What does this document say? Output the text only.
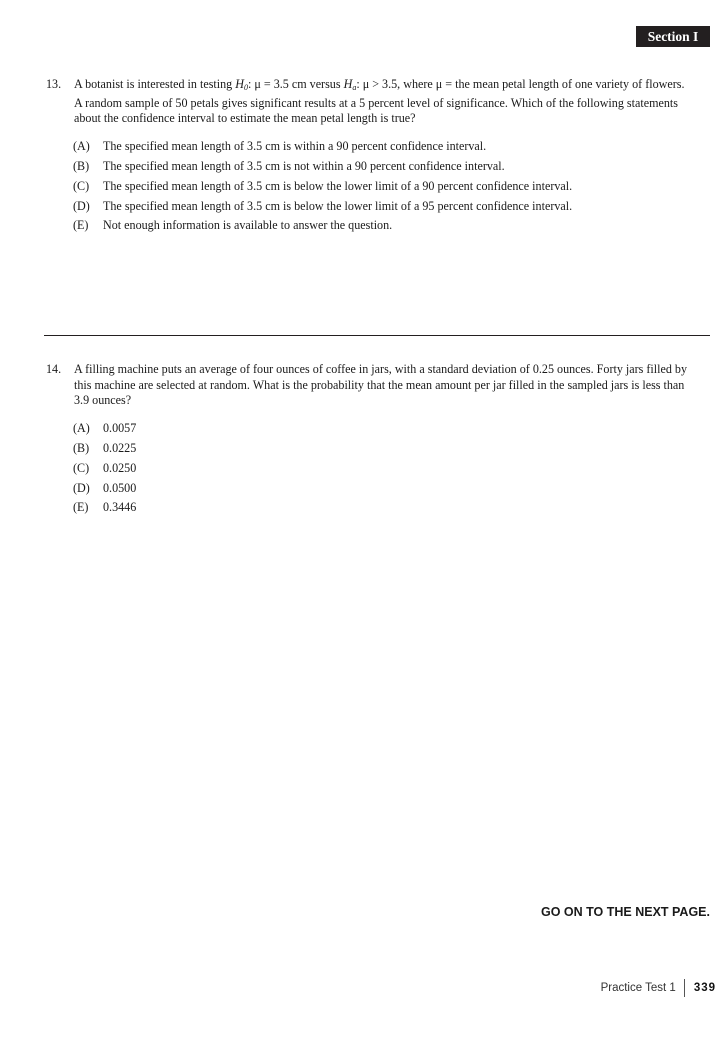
Section I
13.	A botanist is interested in testing $H_0$: μ = 3.5 cm versus $H_a$: μ > 3.5, where μ = the mean petal length of one variety of flowers.
A random sample of 50 petals gives significant results at a 5 percent level of significance. Which of the following statements
about the confidence interval to estimate the mean petal length is true?
(A)	The specified mean length of 3.5 cm is within a 90 percent confidence interval.
(B)	The specified mean length of 3.5 cm is not within a 90 percent confidence interval.
(C)	The specified mean length of 3.5 cm is below the lower limit of a 90 percent confidence interval.
(D)	The specified mean length of 3.5 cm is below the lower limit of a 95 percent confidence interval.
(E)	Not enough information is available to answer the question.
14.	A filling machine puts an average of four ounces of coffee in jars, with a standard deviation of 0.25 ounces. Forty jars filled by
this machine are selected at random. What is the probability that the mean amount per jar filled in the sampled jars is less than
3.9 ounces?
(A)	0.0057
(B)	0.0225
(C)	0.0250
(D)	0.0500
(E)	0.3446
GO ON TO THE NEXT PAGE.
Practice Test 1 339
